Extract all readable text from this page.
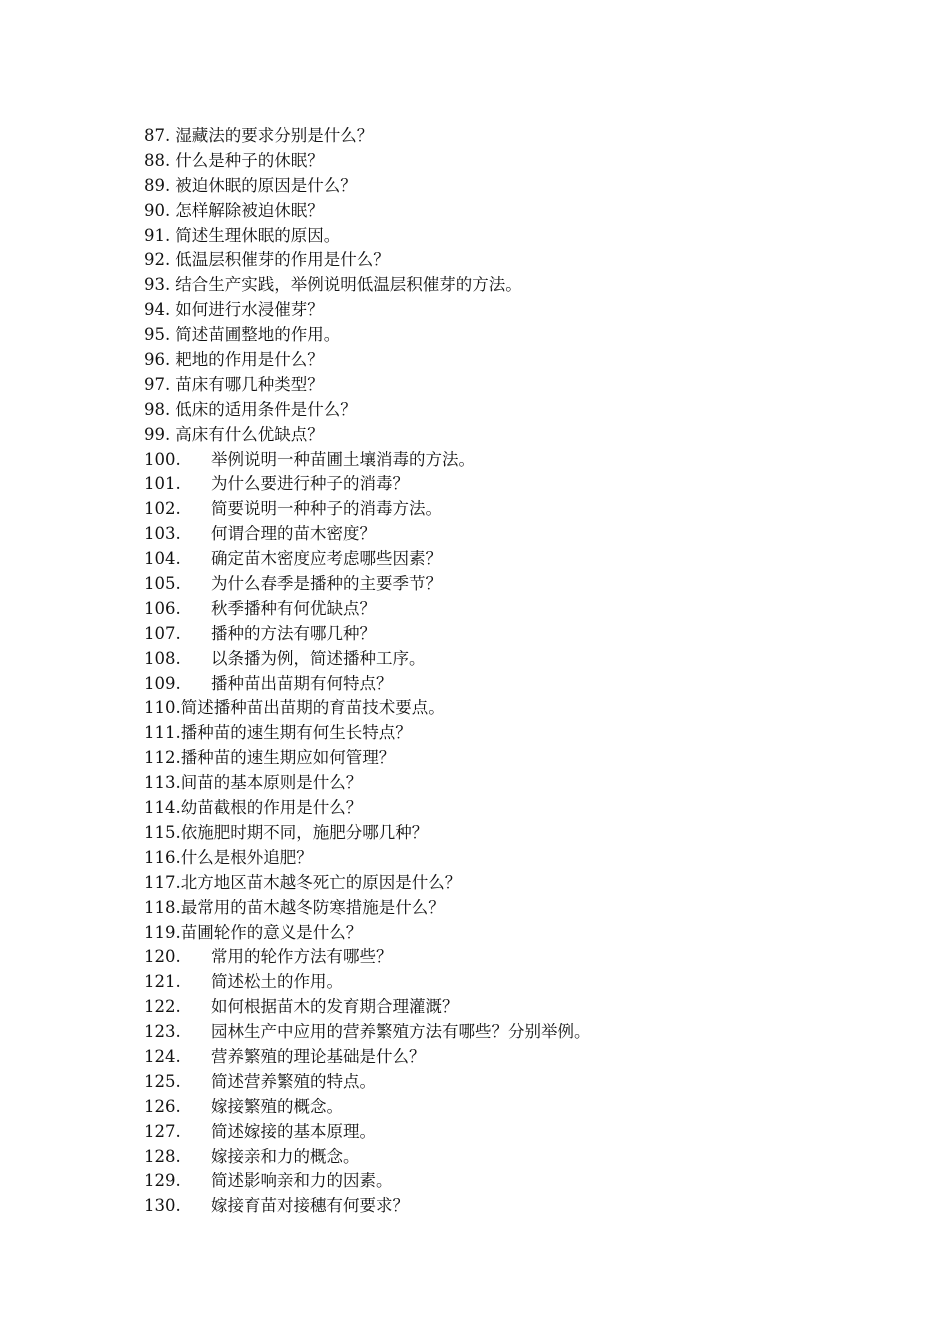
87. 湿藏法的要求分别是什么？
88. 什么是种子的休眠？
89. 被迫休眠的原因是什么？
90. 怎样解除被迫休眠？
91. 简述生理休眠的原因。
92. 低温层积催芽的作用是什么？
93. 结合生产实践，举例说明低温层积催芽的方法。
94. 如何进行水浸催芽？
95. 简述苗圃整地的作用。
96. 耙地的作用是什么？
97. 苗床有哪几种类型？
98. 低床的适用条件是什么？
99. 高床有什么优缺点？
100. 举例说明一种苗圃土壤消毒的方法。
101. 为什么要进行种子的消毒？
102. 简要说明一种种子的消毒方法。
103. 何谓合理的苗木密度？
104. 确定苗木密度应考虑哪些因素？
105. 为什么春季是播种的主要季节？
106. 秋季播种有何优缺点？
107. 播种的方法有哪几种？
108. 以条播为例，简述播种工序。
109. 播种苗出苗期有何特点？
110.简述播种苗出苗期的育苗技术要点。
111.播种苗的速生期有何生长特点？
112.播种苗的速生期应如何管理？
113.间苗的基本原则是什么？
114.幼苗截根的作用是什么？
115.依施肥时期不同，施肥分哪几种？
116.什么是根外追肥？
117.北方地区苗木越冬死亡的原因是什么？
118.最常用的苗木越冬防寒措施是什么？
119.苗圃轮作的意义是什么？
120. 常用的轮作方法有哪些？
121. 简述松土的作用。
122. 如何根据苗木的发育期合理灌溉？
123. 园林生产中应用的营养繁殖方法有哪些？分别举例。
124. 营养繁殖的理论基础是什么？
125. 简述营养繁殖的特点。
126. 嫁接繁殖的概念。
127. 简述嫁接的基本原理。
128. 嫁接亲和力的概念。
129. 简述影响亲和力的因素。
130. 嫁接育苗对接穗有何要求？
